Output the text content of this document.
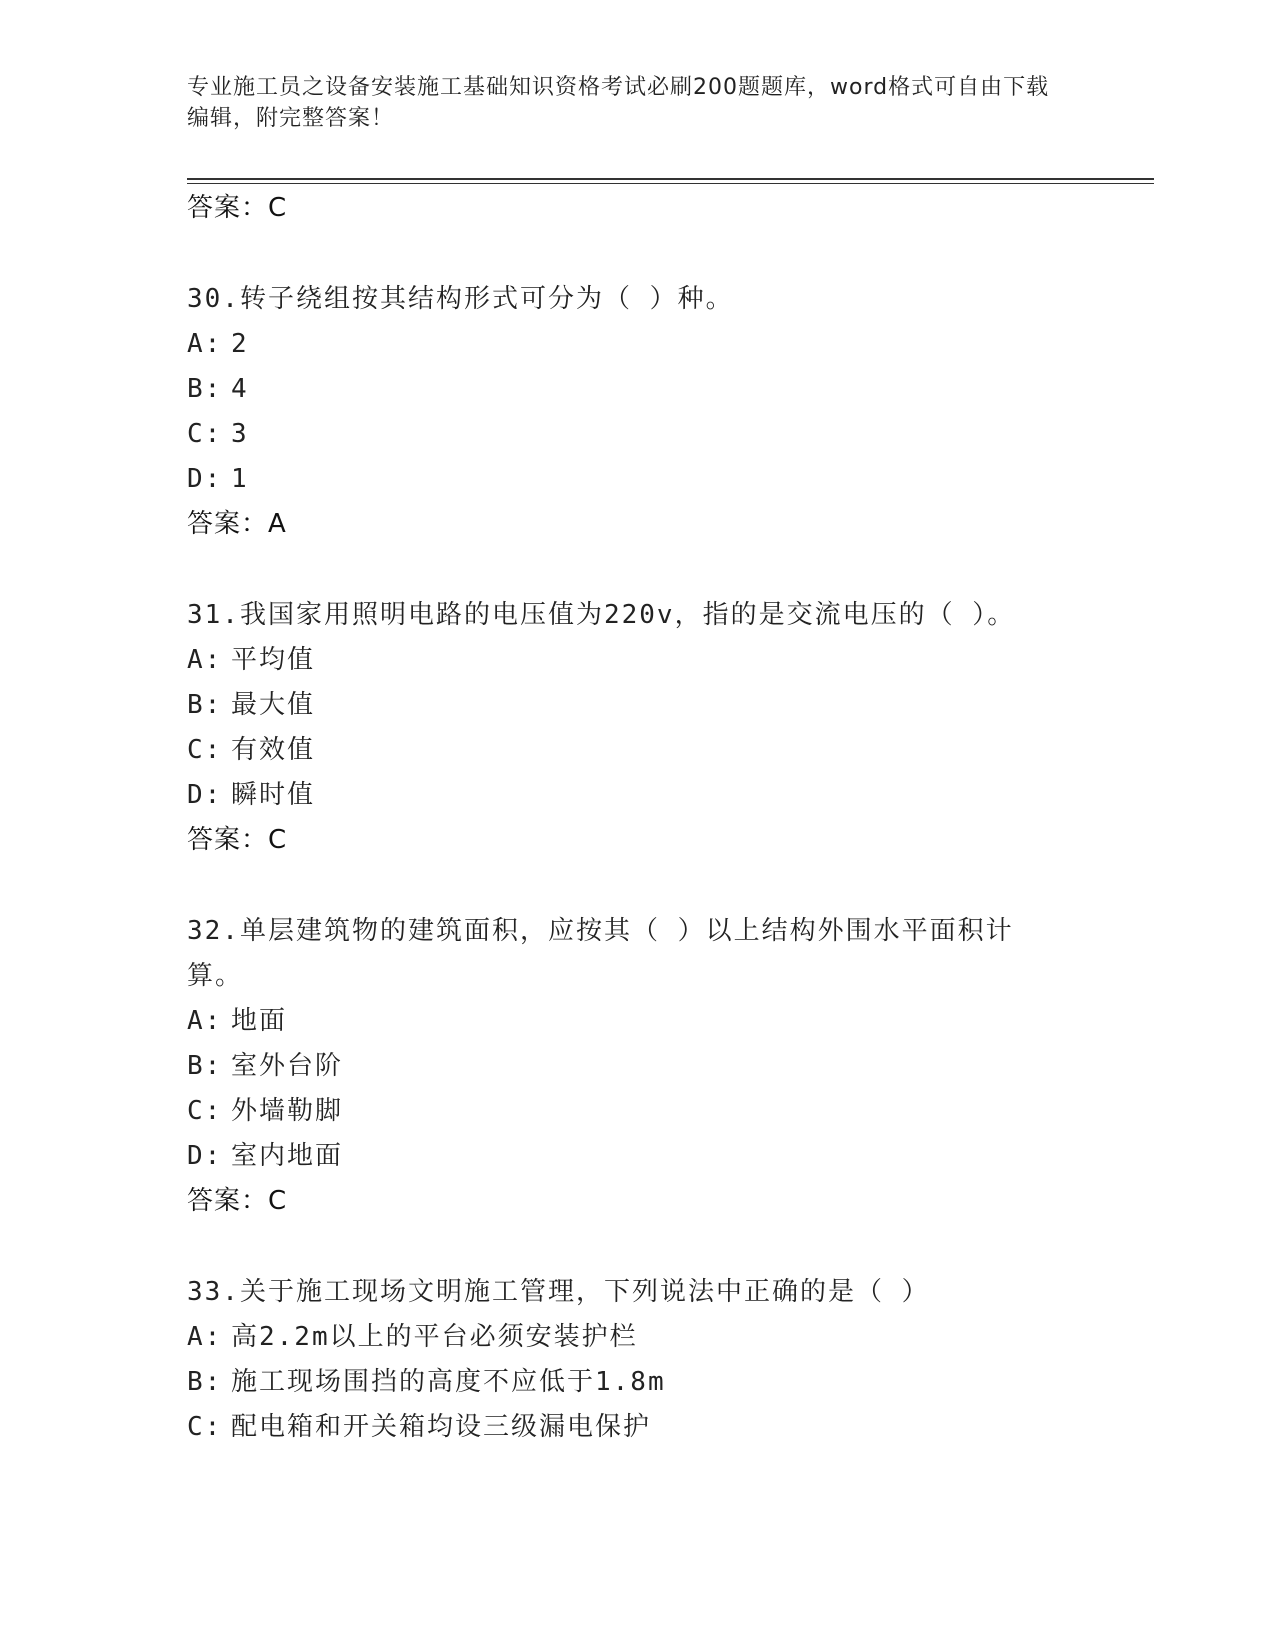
专业施工员之设备安装施工基础知识资格考试必刷200题题库，word格式可自由下载编辑，附完整答案！
答案：C
30.转子绕组按其结构形式可分为（ ）种。
A: 2
B: 4
C: 3
D: 1
答案：A
31.我国家用照明电路的电压值为220v，指的是交流电压的（ ）。
A: 平均值
B: 最大值
C: 有效值
D: 瞬时值
答案：C
32.单层建筑物的建筑面积，应按其（ ）以上结构外围水平面积计算。
A: 地面
B: 室外台阶
C: 外墙勒脚
D: 室内地面
答案：C
33.关于施工现场文明施工管理，下列说法中正确的是（ ）
A: 高2.2m以上的平台必须安装护栏
B: 施工现场围挡的高度不应低于1.8m
C: 配电箱和开关箱均设三级漏电保护
